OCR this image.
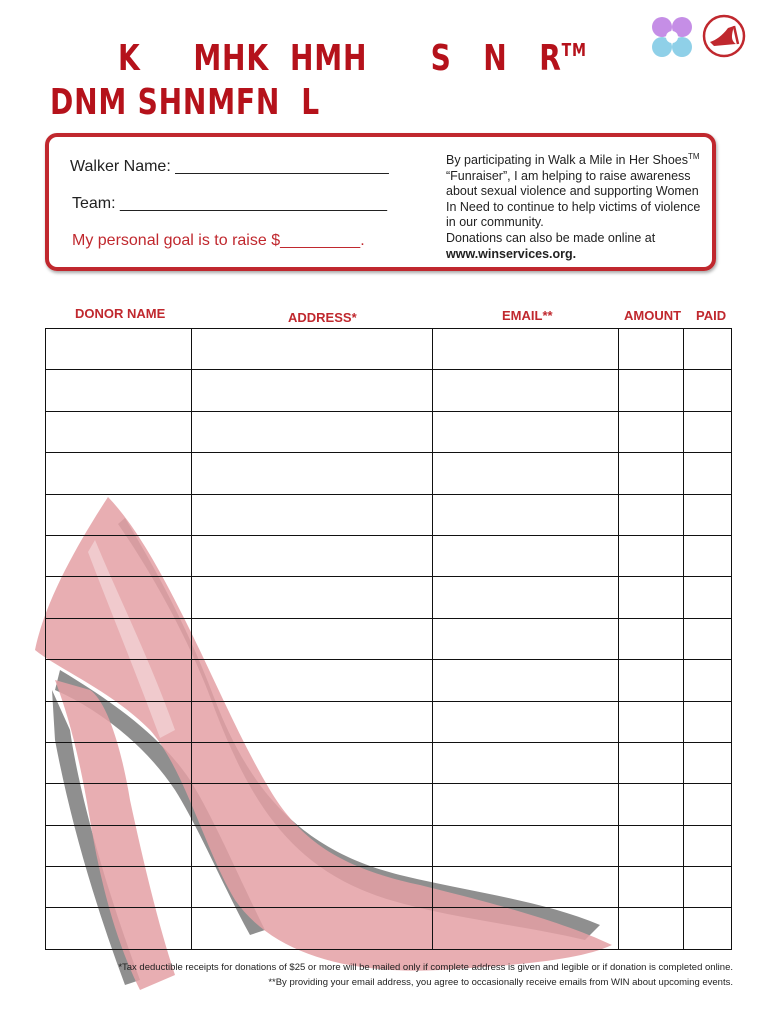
K     MHK  HMH      S   N   R™
DNM SHNMFN  L
Walker Name: ________________________
Team: ______________________________
My personal goal is to raise $_________.
By participating in Walk a Mile in Her Shoes™ “Funraiser”, I am helping to raise awareness about sexual violence and supporting Women In Need to continue to help victims of violence in our community.
Donations can also be made online at
www.winservices.org.
DONOR NAME	ADDRESS*	EMAIL**	AMOUNT PAID

*Tax deductible receipts for donations of $25 or more will be mailed only if complete address is given and legible or if donation is completed online.
**By providing your email address, you agree to occasionally receive emails from WIN about upcoming events.
